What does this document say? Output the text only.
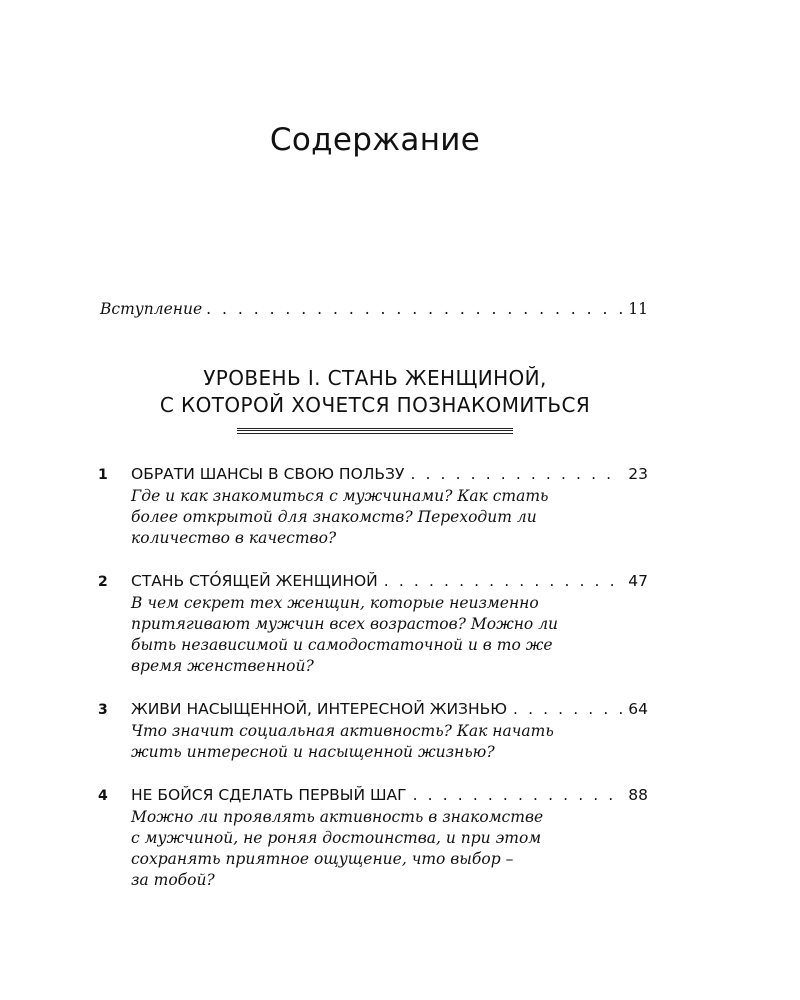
Содержание
Вступление . . .	11
УРОВЕНЬ I. СТАНЬ ЖЕНЩИНОЙ,
С КОТОРОЙ ХОЧЕТСЯ ПОЗНАКОМИТЬСЯ
1	ОБРАТИ ШАНСЫ В СВОЮ ПОЛЬЗУ . . .	23
Где и как знакомиться с мужчинами? Как стать
более открытой для знакомств? Переходит ли
количество в качество?
2	СТАНЬ СТО́ЯЩЕЙ ЖЕНЩИНОЙ . . .	47
В чем секрет тех женщин, которые неизменно
притягивают мужчин всех возрастов? Можно ли
быть независимой и самодостаточной и в то же
время женственной?
3	ЖИВИ НАСЫЩЕННОЙ, ИНТЕРЕСНОЙ ЖИЗНЬЮ . . .	64
Что значит социальная активность? Как начать
жить интересной и насыщенной жизнью?
4	НЕ БОЙСЯ СДЕЛАТЬ ПЕРВЫЙ ШАГ . . .	88
Можно ли проявлять активность в знакомстве
с мужчиной, не роняя достоинства, и при этом
сохранять приятное ощущение, что выбор –
за тобой?
